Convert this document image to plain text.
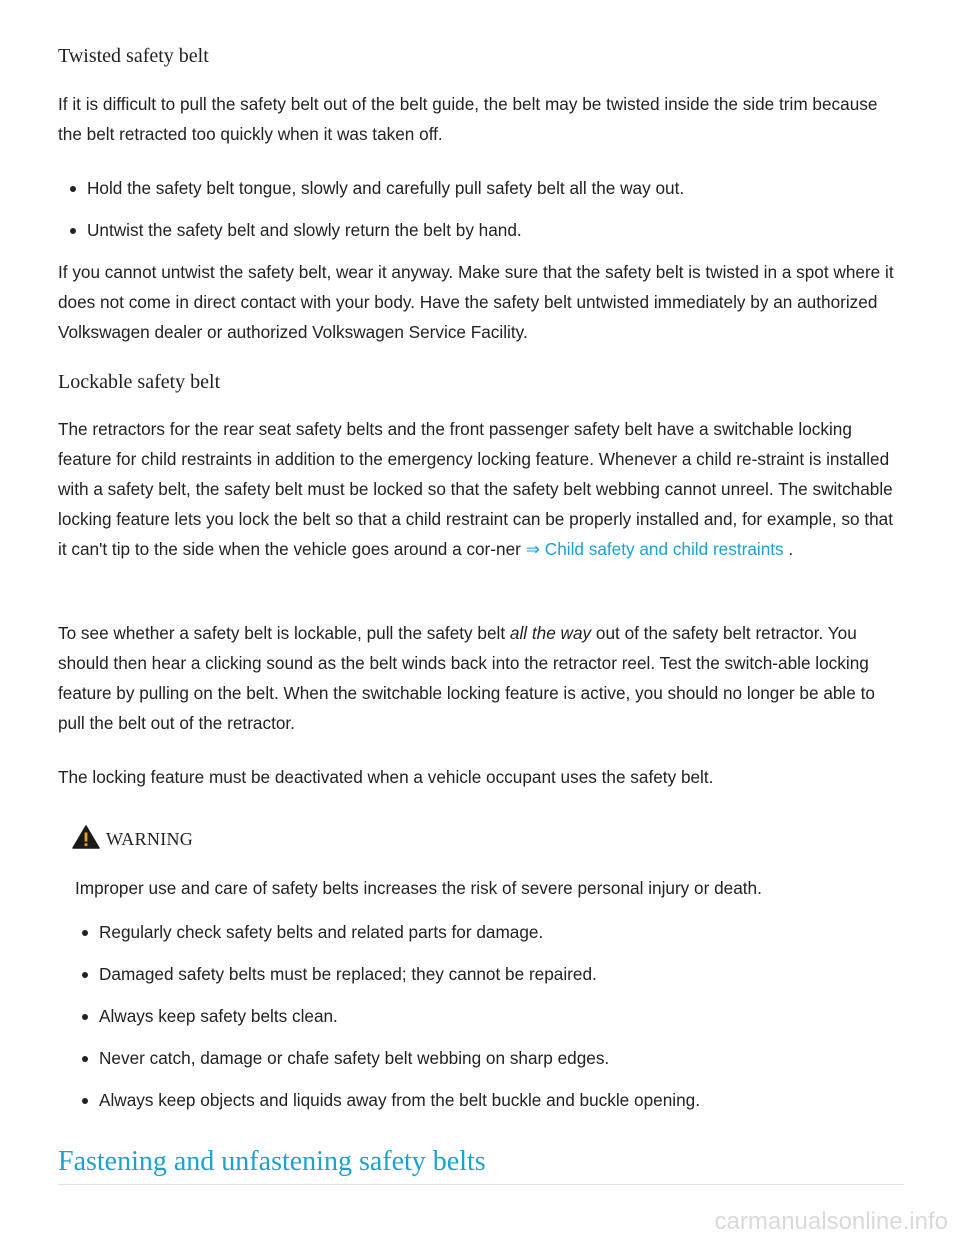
Twisted safety belt

If it is difficult to pull the safety belt out of the belt guide, the belt may be twisted inside the side trim because the belt retracted too quickly when it was taken off.

Hold the safety belt tongue, slowly and carefully pull safety belt all the way out.
Untwist the safety belt and slowly return the belt by hand.

If you cannot untwist the safety belt, wear it anyway. Make sure that the safety belt is twisted in a spot where it does not come in direct contact with your body. Have the safety belt untwisted immediately by an authorized Volkswagen dealer or authorized Volkswagen Service Facility.

Lockable safety belt

The retractors for the rear seat safety belts and the front passenger safety belt have a switchable locking feature for child restraints in addition to the emergency locking feature. Whenever a child re-straint is installed with a safety belt, the safety belt must be locked so that the safety belt webbing cannot unreel. The switchable locking feature lets you lock the belt so that a child restraint can be properly installed and, for example, so that it can't tip to the side when the vehicle goes around a cor-ner ⇒ Child safety and child restraints .

To see whether a safety belt is lockable, pull the safety belt all the way out of the safety belt retractor. You should then hear a clicking sound as the belt winds back into the retractor reel. Test the switch-able locking feature by pulling on the belt. When the switchable locking feature is active, you should no longer be able to pull the belt out of the retractor.

The locking feature must be deactivated when a vehicle occupant uses the safety belt.

WARNING

Improper use and care of safety belts increases the risk of severe personal injury or death.

Regularly check safety belts and related parts for damage.
Damaged safety belts must be replaced; they cannot be repaired.
Always keep safety belts clean.
Never catch, damage or chafe safety belt webbing on sharp edges.
Always keep objects and liquids away from the belt buckle and buckle opening.
Fastening and unfastening safety belts
carmanualsonline.info
